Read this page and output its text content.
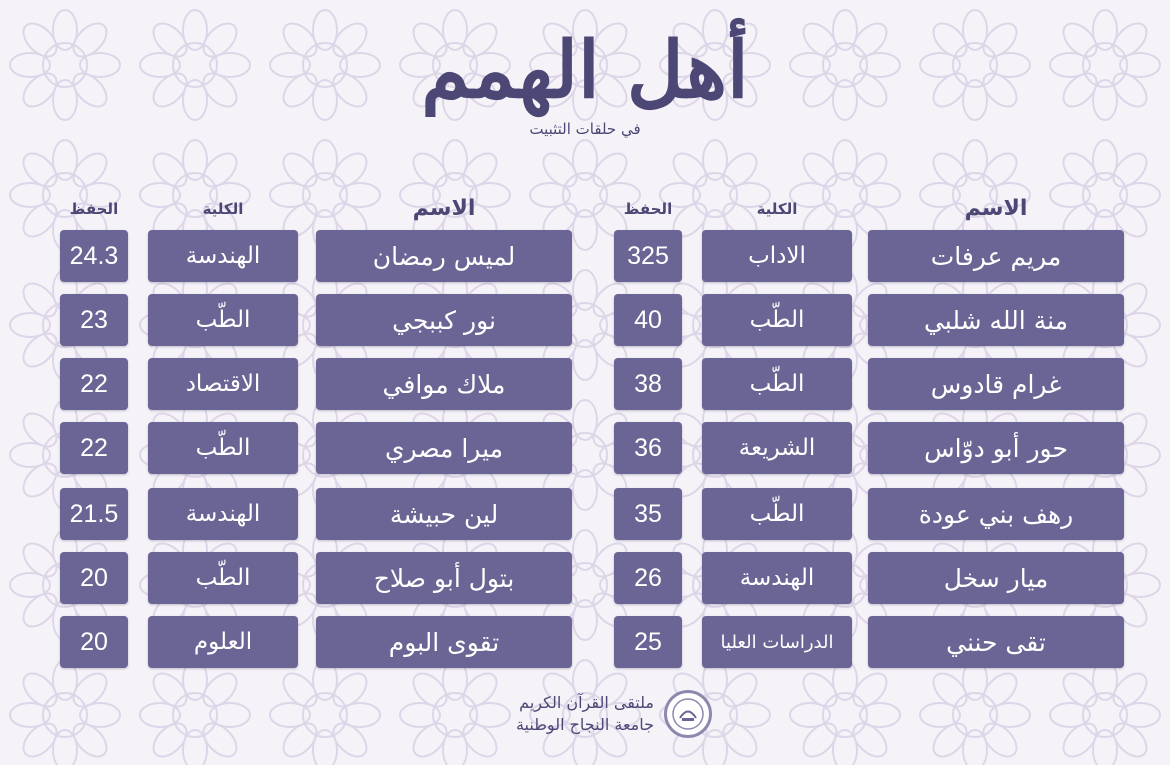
أهل الهمم
في حلقات التثبيت
الاسم
الكلية
الحفظ
الاسم
الكلية
الحفظ
مريم عرفات
الاداب
325
منة الله شلبي
الطّب
40
غرام قادوس
الطّب
38
حور أبو دوّاس
الشريعة
36
رهف بني عودة
الطّب
35
ميار سخل
الهندسة
26
تقى حنني
الدراسات العليا
25
لميس رمضان
الهندسة
24.3
نور كببجي
الطّب
23
ملاك موافي
الاقتصاد
22
ميرا مصري
الطّب
22
لين حبيشة
الهندسة
21.5
بتول أبو صلاح
الطّب
20
تقوى البوم
العلوم
20
ملتقى القرآن الكريم
جامعة النجاح الوطنية
